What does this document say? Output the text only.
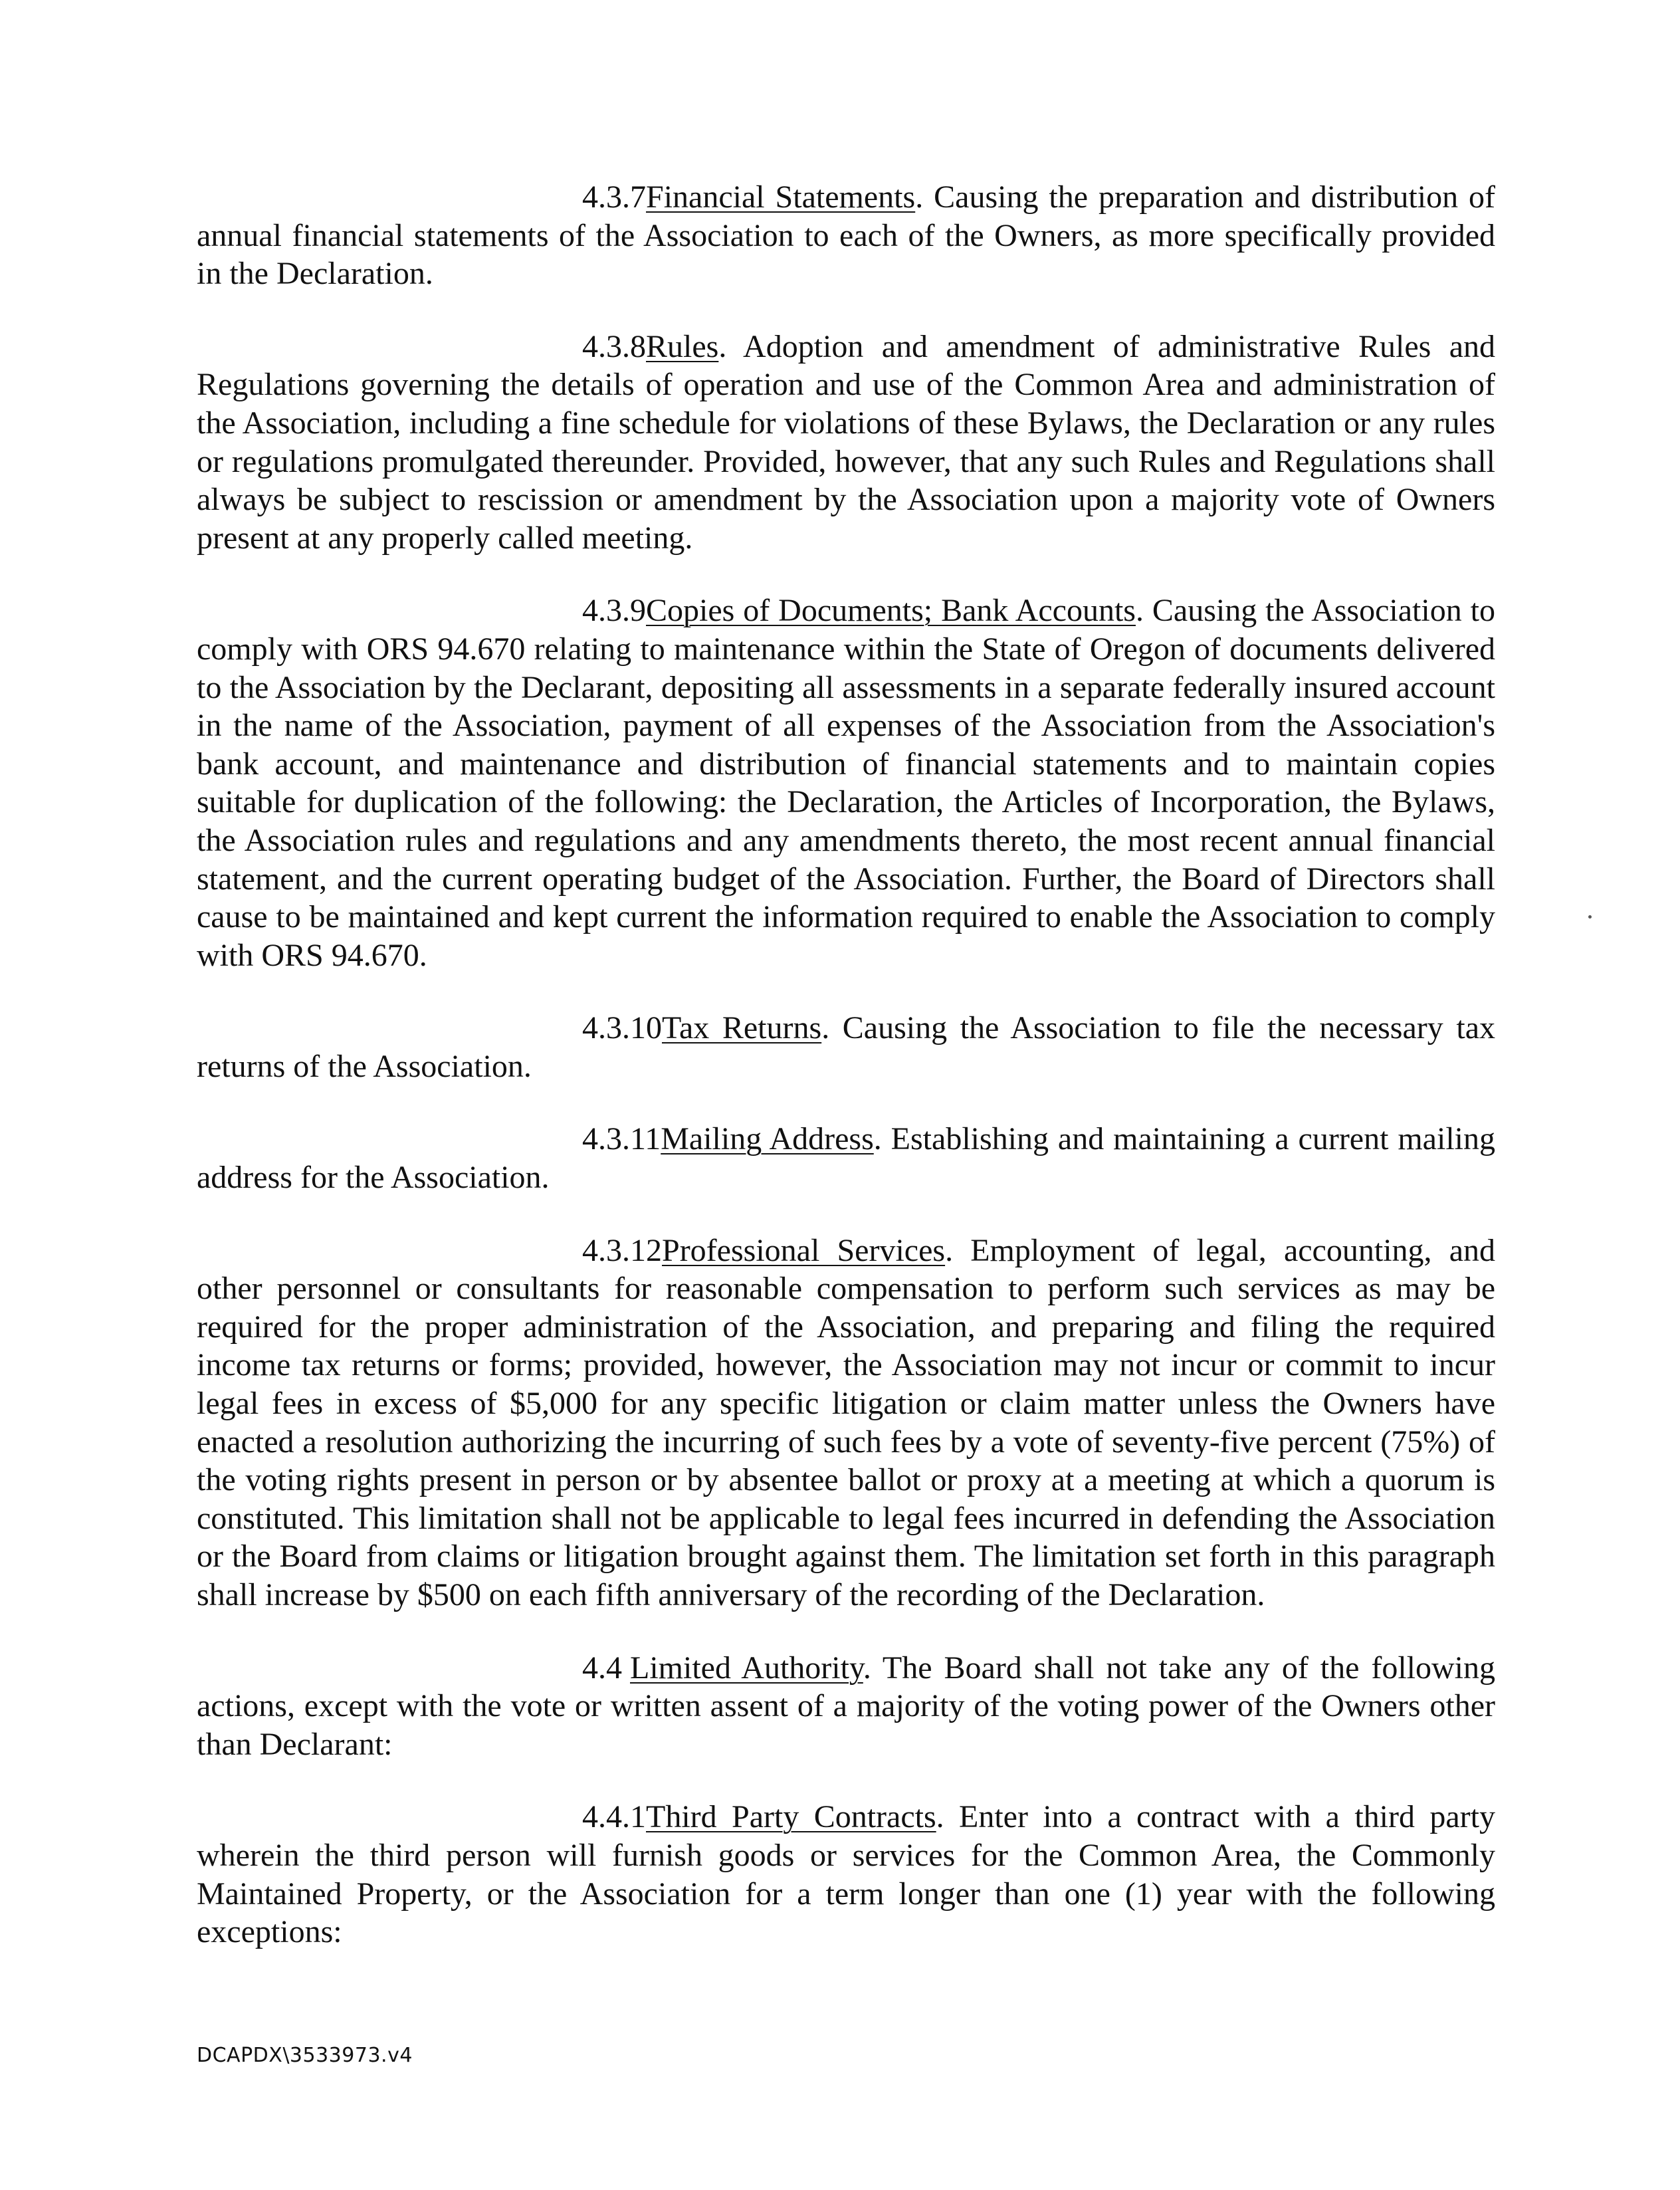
4.3.7Financial Statements. Causing the preparation and distribution of annual financial statements of the Association to each of the Owners, as more specifically provided in the Declaration.

4.3.8Rules. Adoption and amendment of administrative Rules and Regulations governing the details of operation and use of the Common Area and administration of the Association, including a fine schedule for violations of these Bylaws, the Declaration or any rules or regulations promulgated thereunder. Provided, however, that any such Rules and Regulations shall always be subject to rescission or amendment by the Association upon a majority vote of Owners present at any properly called meeting.

4.3.9Copies of Documents; Bank Accounts. Causing the Association to comply with ORS 94.670 relating to maintenance within the State of Oregon of documents delivered to the Association by the Declarant, depositing all assessments in a separate federally insured account in the name of the Association, payment of all expenses of the Association from the Association's bank account, and maintenance and distribution of financial statements and to maintain copies suitable for duplication of the following: the Declaration, the Articles of Incorporation, the Bylaws, the Association rules and regulations and any amendments thereto, the most recent annual financial statement, and the current operating budget of the Association. Further, the Board of Directors shall cause to be maintained and kept current the information required to enable the Association to comply with ORS 94.670.

4.3.10Tax Returns. Causing the Association to file the necessary tax returns of the Association.

4.3.11Mailing Address. Establishing and maintaining a current mailing address for the Association.

4.3.12Professional Services. Employment of legal, accounting, and other personnel or consultants for reasonable compensation to perform such services as may be required for the proper administration of the Association, and preparing and filing the required income tax returns or forms; provided, however, the Association may not incur or commit to incur legal fees in excess of $5,000 for any specific litigation or claim matter unless the Owners have enacted a resolution authorizing the incurring of such fees by a vote of seventy-five percent (75%) of the voting rights present in person or by absentee ballot or proxy at a meeting at which a quorum is constituted. This limitation shall not be applicable to legal fees incurred in defending the Association or the Board from claims or litigation brought against them. The limitation set forth in this paragraph shall increase by $500 on each fifth anniversary of the recording of the Declaration.

4.4 Limited Authority. The Board shall not take any of the following actions, except with the vote or written assent of a majority of the voting power of the Owners other than Declarant:

4.4.1Third Party Contracts. Enter into a contract with a third party wherein the third person will furnish goods or services for the Common Area, the Commonly Maintained Property, or the Association for a term longer than one (1) year with the following exceptions:

DCAPDX\3533973.v4
